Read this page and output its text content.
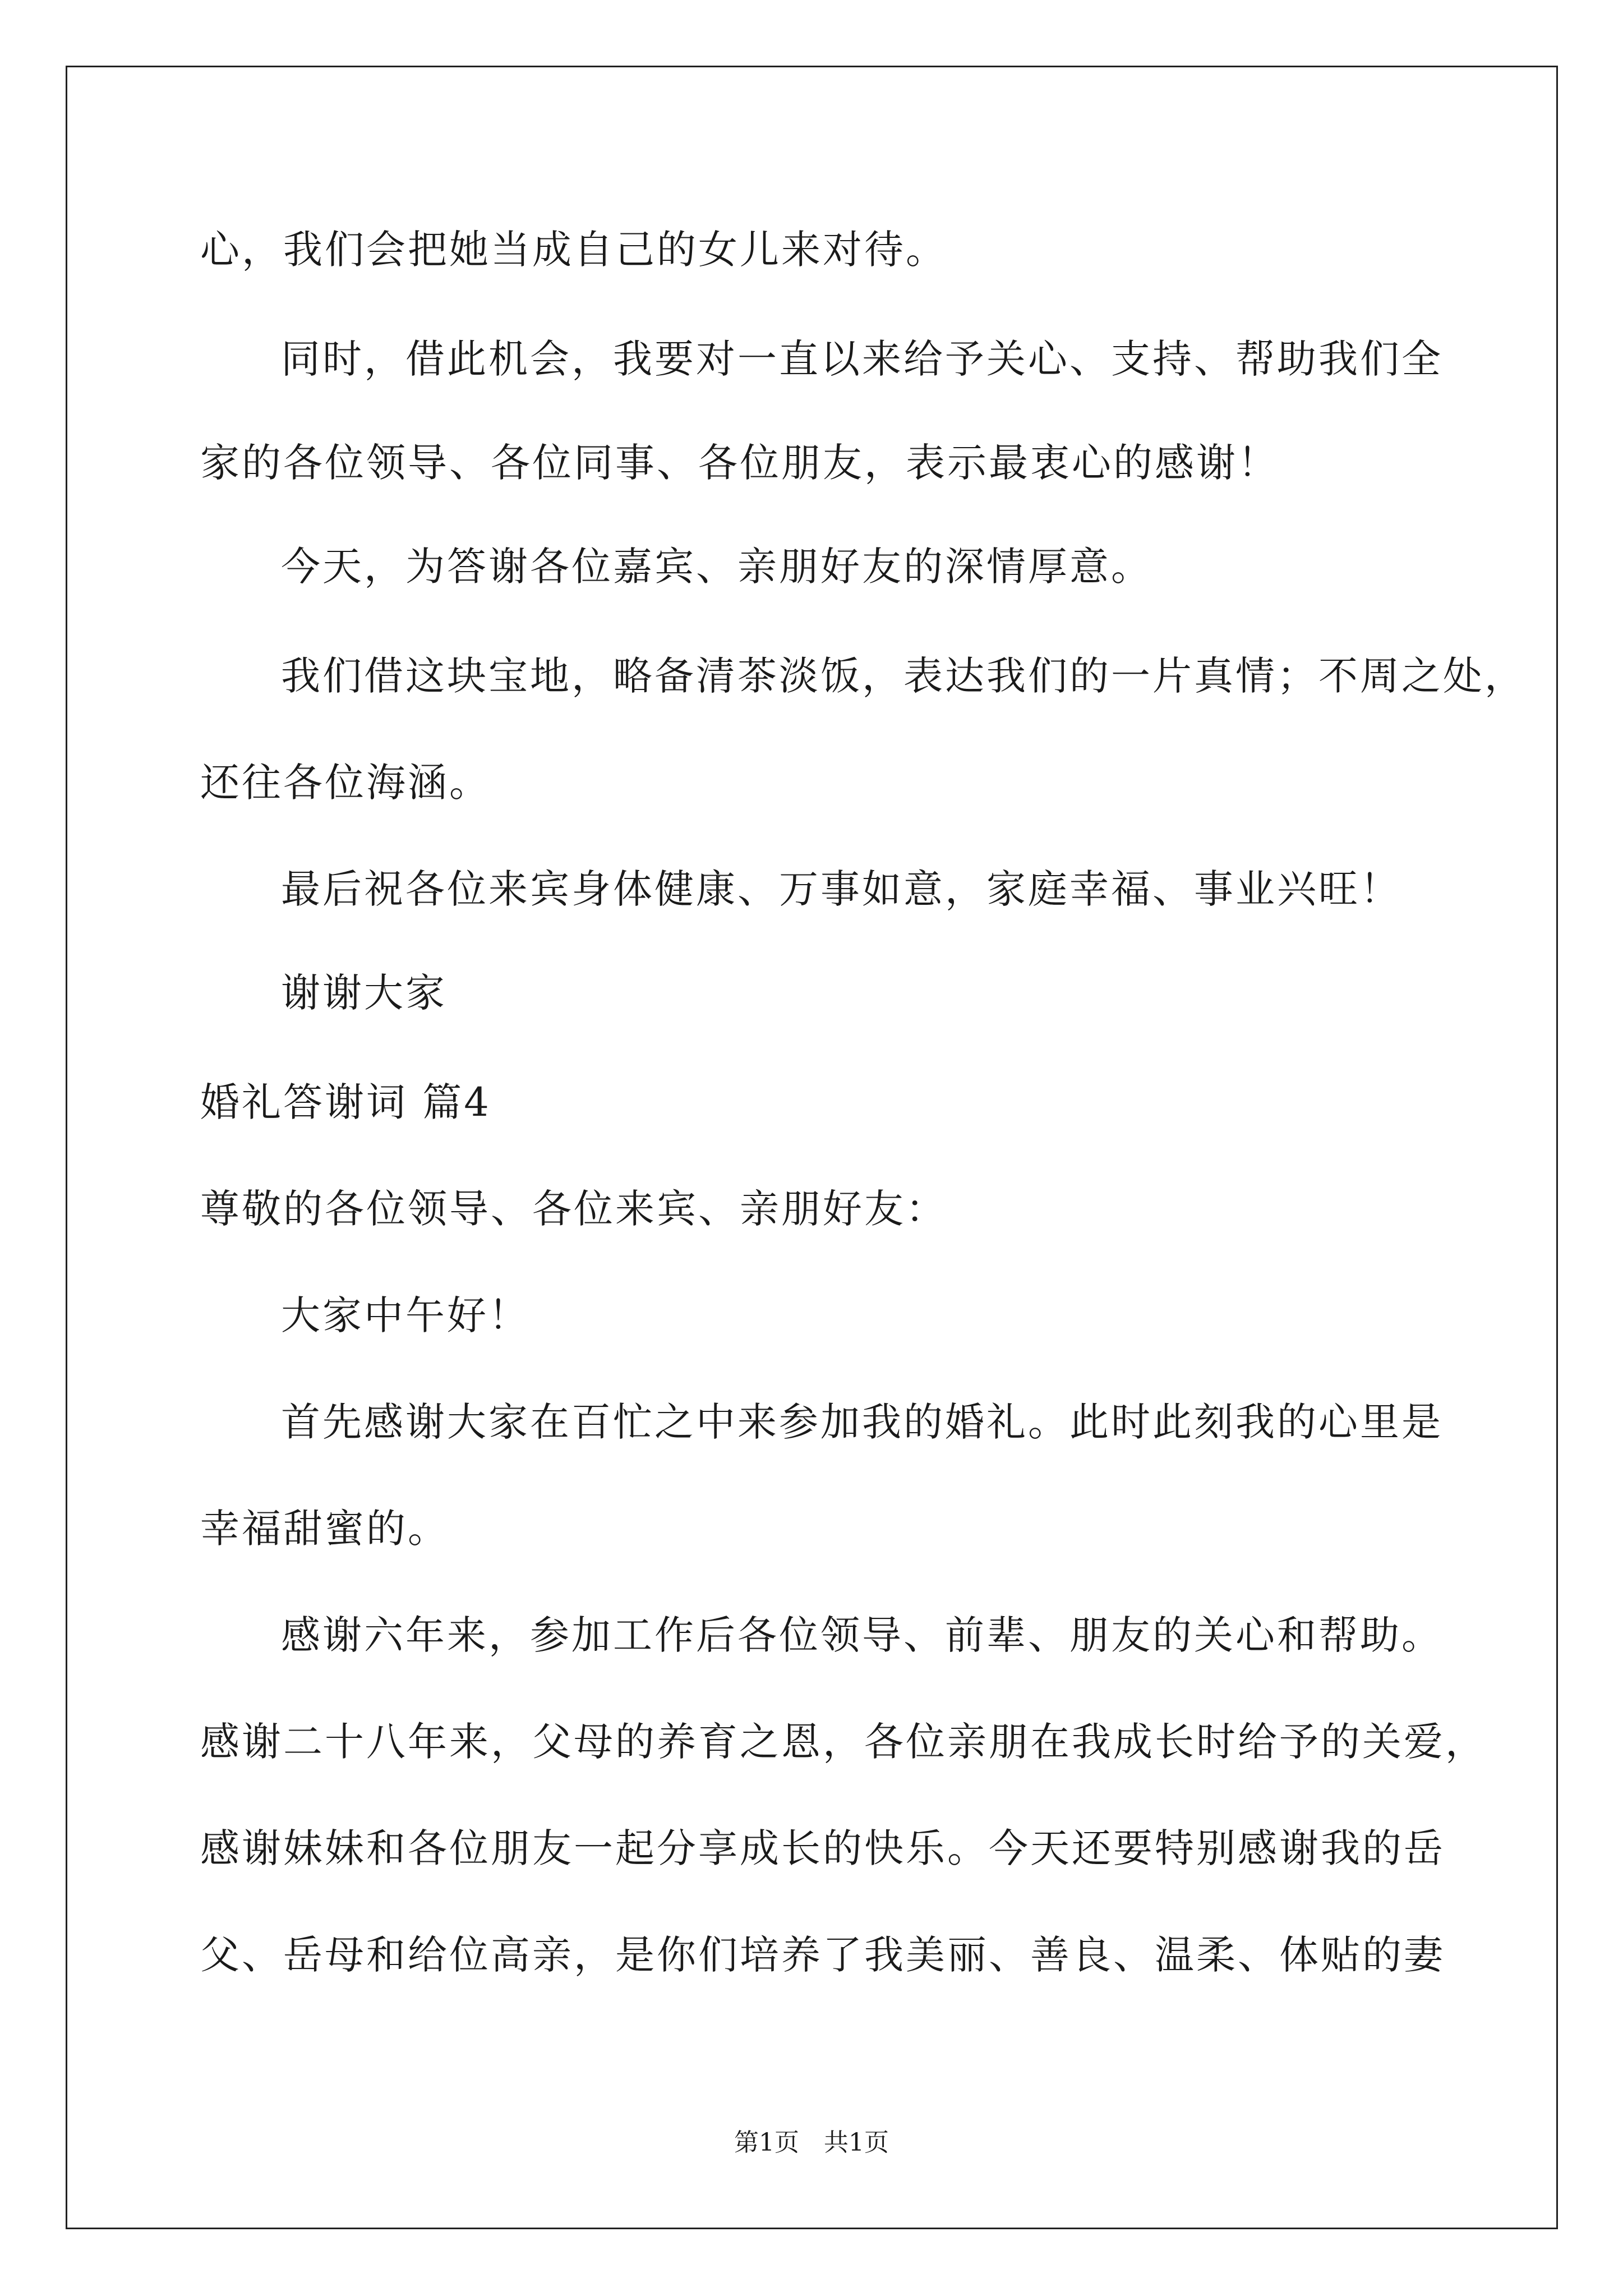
心，我们会把她当成自己的女儿来对待。
同时，借此机会，我要对一直以来给予关心、支持、帮助我们全
家的各位领导、各位同事、各位朋友，表示最衷心的感谢！
今天，为答谢各位嘉宾、亲朋好友的深情厚意。
我们借这块宝地，略备清茶淡饭，表达我们的一片真情；不周之处，
还往各位海涵。
最后祝各位来宾身体健康、万事如意，家庭幸福、事业兴旺！
谢谢大家
婚礼答谢词 篇4
尊敬的各位领导、各位来宾、亲朋好友：
大家中午好！
首先感谢大家在百忙之中来参加我的婚礼。此时此刻我的心里是
幸福甜蜜的。
感谢六年来，参加工作后各位领导、前辈、朋友的关心和帮助。
感谢二十八年来，父母的养育之恩，各位亲朋在我成长时给予的关爱，
感谢妹妹和各位朋友一起分享成长的快乐。今天还要特别感谢我的岳
父、岳母和给位高亲，是你们培养了我美丽、善良、温柔、体贴的妻
第1页　共1页
